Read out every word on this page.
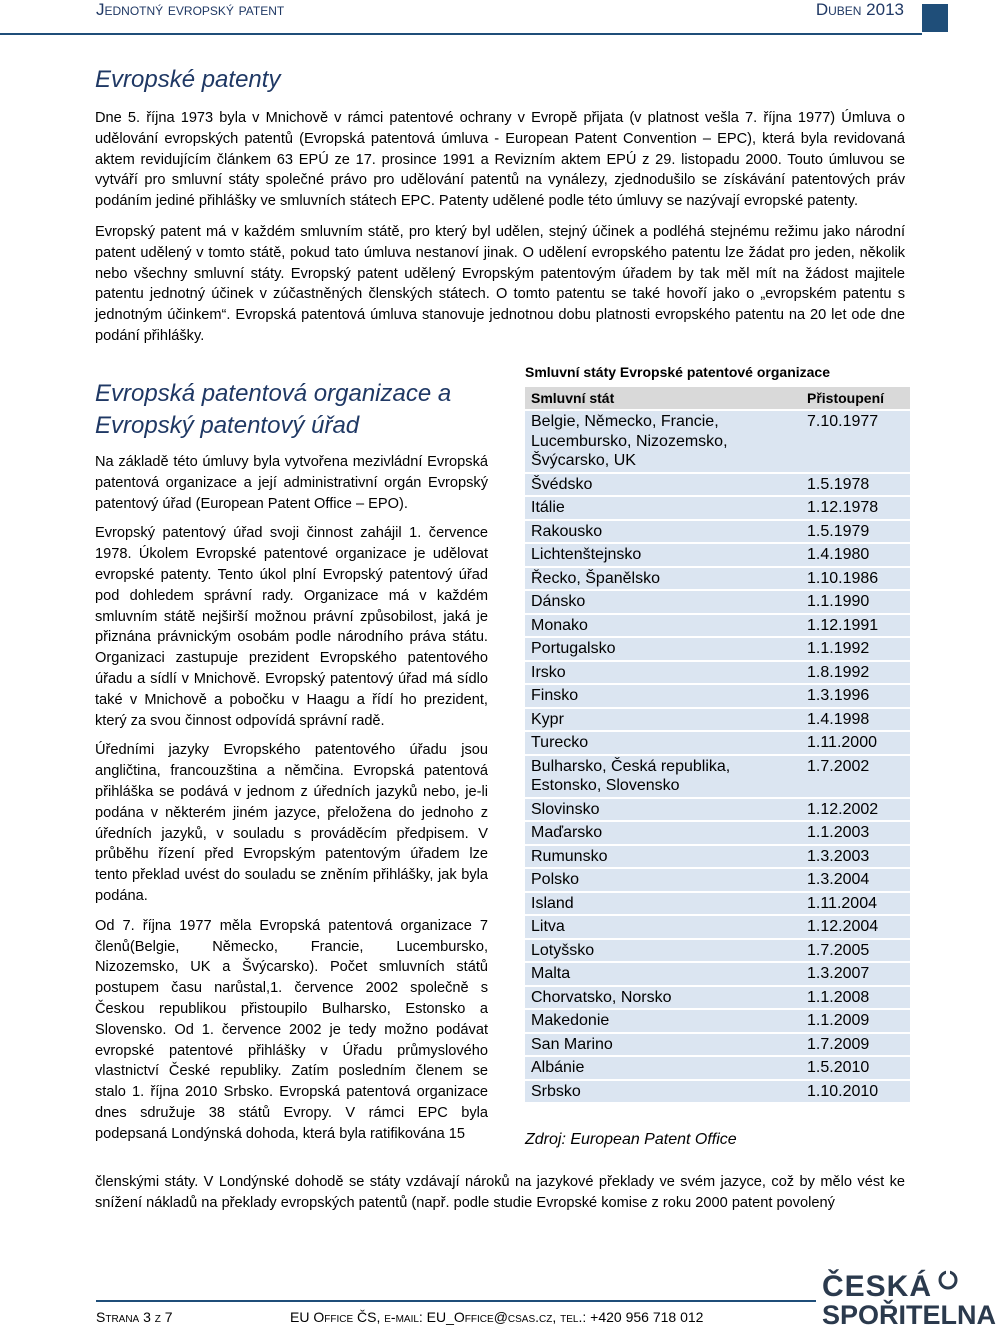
Jednotný evropský patent	Duben 2013
Evropské patenty

Dne 5. října 1973 byla v Mnichově v rámci patentové ochrany v Evropě přijata (v platnost vešla 7. října 1977) Úmluva o udělování evropských patentů (Evropská patentová úmluva - European Patent Convention – EPC), která byla revidovaná aktem revidujícím článkem 63 EPÚ ze 17. prosince 1991 a Revizním aktem EPÚ z 29. listopadu 2000. Touto úmluvou se vytváří pro smluvní státy společné právo pro udělování patentů na vynálezy, zjednodušilo se získávání patentových práv podáním jediné přihlášky ve smluvních státech EPC. Patenty udělené podle této úmluvy se nazývají evropské patenty.

Evropský patent má v každém smluvním státě, pro který byl udělen, stejný účinek a podléhá stejnému režimu jako národní patent udělený v tomto státě, pokud tato úmluva nestanoví jinak. O udělení evropského patentu lze žádat pro jeden, několik nebo všechny smluvní státy. Evropský patent udělený Evropským patentovým úřadem by tak měl mít na žádost majitele patentu jednotný účinek v zúčastněných členských státech. O tomto patentu se také hovoří jako o „evropském patentu s jednotným účinkem“. Evropská patentová úmluva stanovuje jednotnou dobu platnosti evropského patentu na 20 let ode dne podání přihlášky.

Evropská patentová organizace a Evropský patentový úřad

Na základě této úmluvy byla vytvořena mezivládní Evropská patentová organizace a její administrativní orgán Evropský patentový úřad (European Patent Office – EPO).

Evropský patentový úřad svoji činnost zahájil 1. července 1978. Úkolem Evropské patentové organizace je udělovat evropské patenty. Tento úkol plní Evropský patentový úřad pod dohledem správní rady. Organizace má v každém smluvním státě nejširší možnou právní způsobilost, jaká je přiznána právnickým osobám podle národního práva státu. Organizaci zastupuje prezident Evropského patentového úřadu a sídlí v Mnichově. Evropský patentový úřad má sídlo také v Mnichově a pobočku v Haagu a řídí ho prezident, který za svou činnost odpovídá správní radě.

Úředními jazyky Evropského patentového úřadu jsou angličtina, francouzština a němčina. Evropská patentová přihláška se podává v jednom z úředních jazyků nebo, je-li podána v některém jiném jazyce, přeložena do jednoho z úředních jazyků, v souladu s prováděcím předpisem. V průběhu řízení před Evropským patentovým úřadem lze tento překlad uvést do souladu se zněním přihlášky, jak byla podána.

Od 7. října 1977 měla Evropská patentová organizace 7 členů(Belgie, Německo, Francie, Lucembursko, Nizozemsko, UK a Švýcarsko). Počet smluvních států postupem času narůstal,1. července 2002 společně s Českou republikou přistoupilo Bulharsko, Estonsko a Slovensko. Od 1. července 2002 je tedy možno podávat evropské patentové přihlášky v Úřadu průmyslového vlastnictví České republiky. Zatím posledním členem se stalo 1. října 2010 Srbsko. Evropská patentová organizace dnes sdružuje 38 států Evropy. V rámci EPC byla podepsaná Londýnská dohoda, která byla ratifikována 15

členskými státy. V Londýnské dohodě se státy vzdávají nároků na jazykové překlady ve svém jazyce, což by mělo vést ke snížení nákladů na překlady evropských patentů (např. podle studie Evropské komise z roku 2000 patent povolený
Smluvní státy Evropské patentové organizace
Smluvní stát	Přistoupení
Belgie, Německo, Francie, Lucembursko, Nizozemsko, Švýcarsko, UK	7.10.1977
Švédsko	1.5.1978
Itálie	1.12.1978
Rakousko	1.5.1979
Lichtenštejnsko	1.4.1980
Řecko, Španělsko	1.10.1986
Dánsko	1.1.1990
Monako	1.12.1991
Portugalsko	1.1.1992
Irsko	1.8.1992
Finsko	1.3.1996
Kypr	1.4.1998
Turecko	1.11.2000
Bulharsko, Česká republika, Estonsko, Slovensko	1.7.2002
Slovinsko	1.12.2002
Maďarsko	1.1.2003
Rumunsko	1.3.2003
Polsko	1.3.2004
Island	1.11.2004
Litva	1.12.2004
Lotyšsko	1.7.2005
Malta	1.3.2007
Chorvatsko, Norsko	1.1.2008
Makedonie	1.1.2009
San Marino	1.7.2009
Albánie	1.5.2010
Srbsko	1.10.2010
Zdroj: European Patent Office
Strana 3 z 7	EU Office ČS, e-mail: EU_Office@csas.cz, tel.: +420 956 718 012
ČESKÁ
SPOŘITELNA
